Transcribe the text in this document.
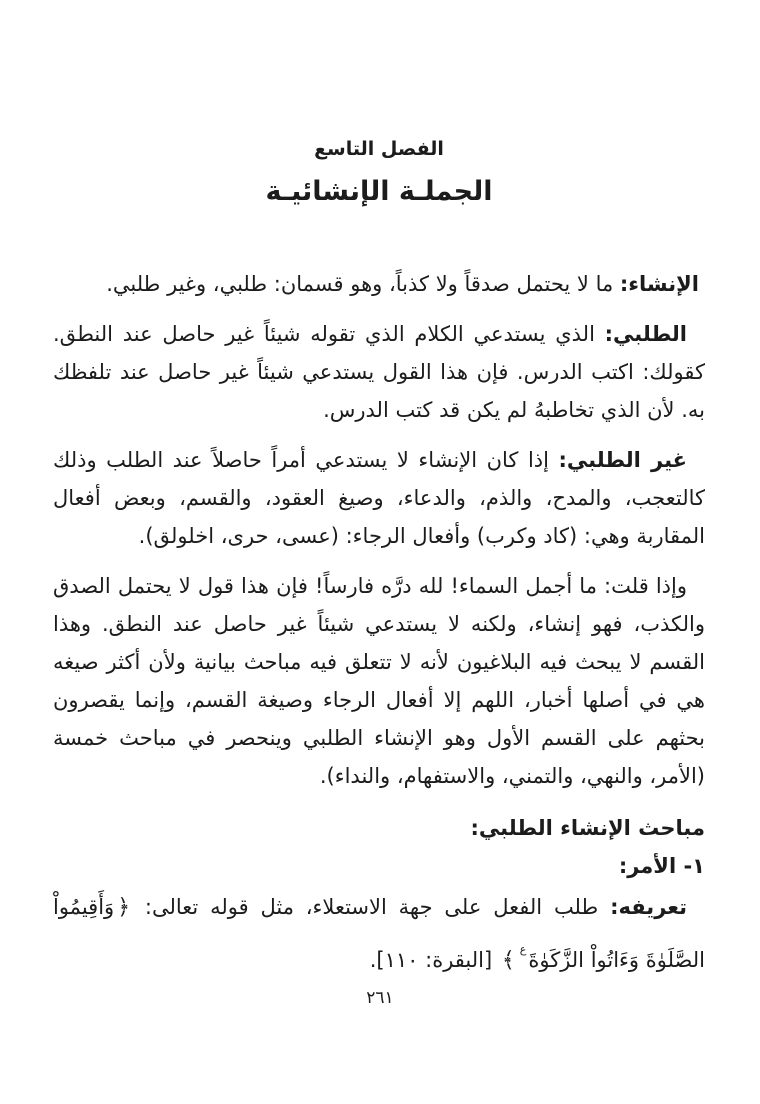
الفصل التاسع
الجملـة الإنشائيـة

الإنشاء: ما لا يحتمل صدقاً ولا كذباً، وهو قسمان: طلبي، وغير طلبي.

الطلبي: الذي يستدعي الكلام الذي تقوله شيئاً غير حاصل عند النطق. كقولك: اكتب الدرس. فإن هذا القول يستدعي شيئاً غير حاصل عند تلفظك به. لأن الذي تخاطبهُ لم يكن قد كتب الدرس.

غير الطلبي: إذا كان الإنشاء لا يستدعي أمراً حاصلاً عند الطلب وذلك كالتعجب، والمدح، والذم، والدعاء، وصيغ العقود، والقسم، وبعض أفعال المقاربة وهي: (كاد وكرب) وأفعال الرجاء: (عسى، حرى، اخلولق).

وإذا قلت: ما أجمل السماء! لله درَّه فارساً! فإن هذا قول لا يحتمل الصدق والكذب، فهو إنشاء، ولكنه لا يستدعي شيئاً غير حاصل عند النطق. وهذا القسم لا يبحث فيه البلاغيون لأنه لا تتعلق فيه مباحث بيانية ولأن أكثر صيغه هي في أصلها أخبار، اللهم إلا أفعال الرجاء وصيغة القسم، وإنما يقصرون بحثهم على القسم الأول وهو الإنشاء الطلبي وينحصر في مباحث خمسة (الأمر، والنهي، والتمني، والاستفهام، والنداء).

مباحث الإنشاء الطلبي:

١- الأمر:

تعريفه: طلب الفعل على جهة الاستعلاء، مثل قوله تعالى: ﴿وَأَقِيمُواْ
الصَّلَوٰةَ وَءَاتُواْ الزَّكَوٰةَع﴾ [البقرة: ١١٠].
٢٦١
